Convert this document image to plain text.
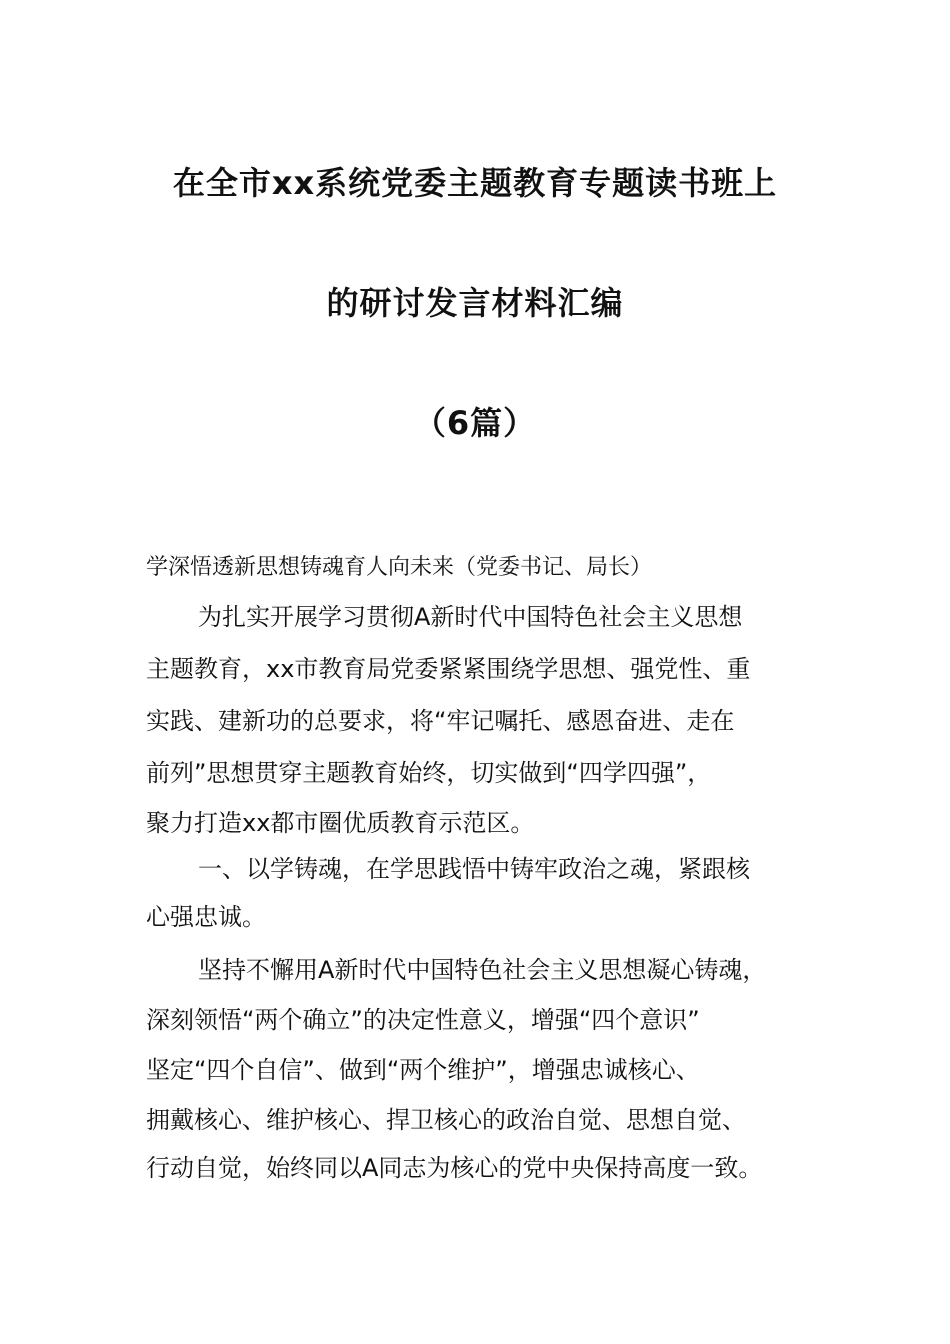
在全市xx系统党委主题教育专题读书班上
的研讨发言材料汇编
（6篇）
学深悟透新思想铸魂育人向未来（党委书记、局长）
为扎实开展学习贯彻A新时代中国特色社会主义思想
主题教育，xx市教育局党委紧紧围绕学思想、强党性、重
实践、建新功的总要求，将“牢记嘱托、感恩奋进、走在
前列”思想贯穿主题教育始终，切实做到“四学四强”，
聚力打造xx都市圈优质教育示范区。
一、以学铸魂，在学思践悟中铸牢政治之魂，紧跟核
心强忠诚。
坚持不懈用A新时代中国特色社会主义思想凝心铸魂，
深刻领悟“两个确立”的决定性意义，增强“四个意识”
坚定“四个自信”、做到“两个维护”，增强忠诚核心、
拥戴核心、维护核心、捍卫核心的政治自觉、思想自觉、
行动自觉，始终同以A同志为核心的党中央保持高度一致。
